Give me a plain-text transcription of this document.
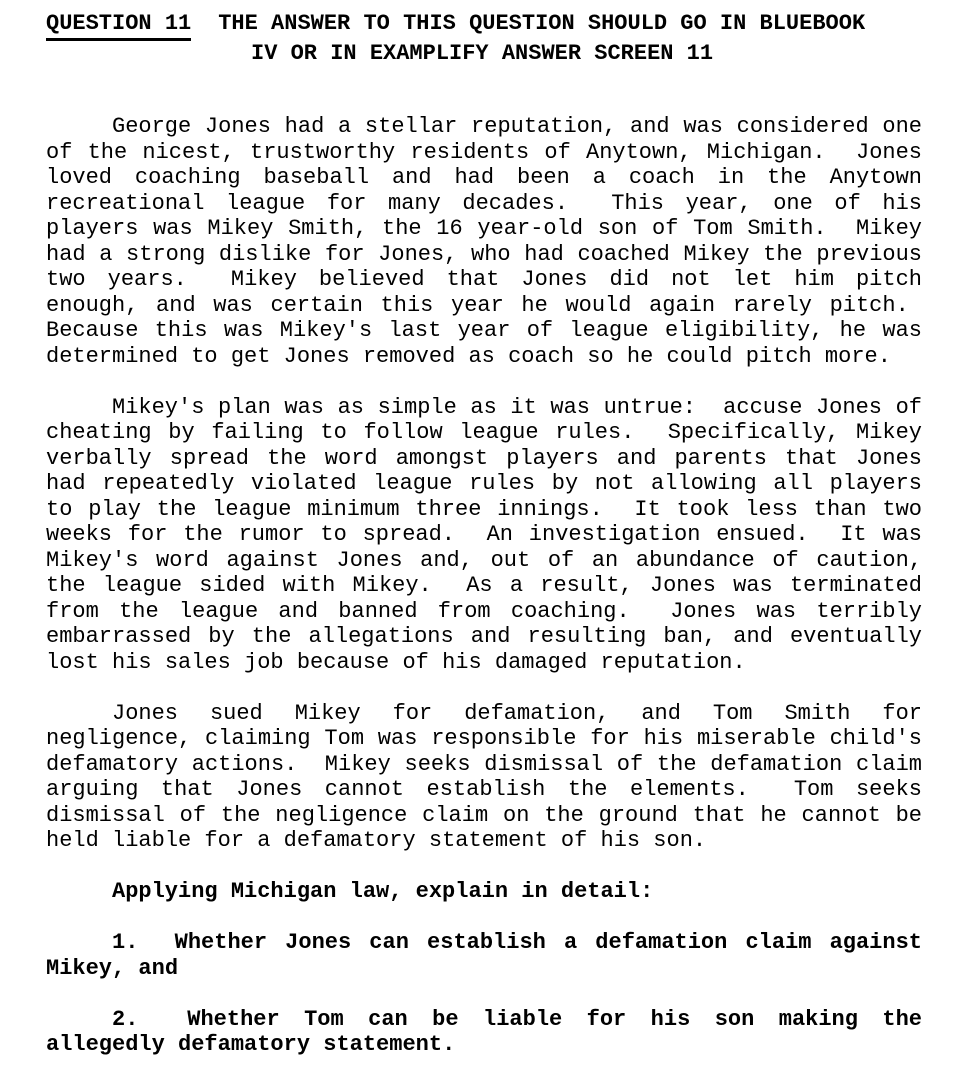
QUESTION 11 THE ANSWER TO THIS QUESTION SHOULD GO IN BLUEBOOK
IV OR IN EXAMPLIFY ANSWER SCREEN 11

George Jones had a stellar reputation, and was considered one of the nicest, trustworthy residents of Anytown, Michigan.  Jones loved coaching baseball and had been a coach in the Anytown recreational league for many decades.  This year, one of his players was Mikey Smith, the 16 year-old son of Tom Smith.  Mikey had a strong dislike for Jones, who had coached Mikey the previous two years.  Mikey believed that Jones did not let him pitch enough, and was certain this year he would again rarely pitch.  Because this was Mikey's last year of league eligibility, he was determined to get Jones removed as coach so he could pitch more.

Mikey's plan was as simple as it was untrue:  accuse Jones of cheating by failing to follow league rules.  Specifically, Mikey verbally spread the word amongst players and parents that Jones had repeatedly violated league rules by not allowing all players to play the league minimum three innings.  It took less than two weeks for the rumor to spread.  An investigation ensued.  It was Mikey's word against Jones and, out of an abundance of caution, the league sided with Mikey.  As a result, Jones was terminated from the league and banned from coaching.  Jones was terribly embarrassed by the allegations and resulting ban, and eventually lost his sales job because of his damaged reputation.

Jones sued Mikey for defamation, and Tom Smith for negligence, claiming Tom was responsible for his miserable child's defamatory actions.  Mikey seeks dismissal of the defamation claim arguing that Jones cannot establish the elements.  Tom seeks dismissal of the negligence claim on the ground that he cannot be held liable for a defamatory statement of his son.

Applying Michigan law, explain in detail:

1.  Whether Jones can establish a defamation claim against Mikey, and

2.  Whether Tom can be liable for his son making the allegedly defamatory statement.
